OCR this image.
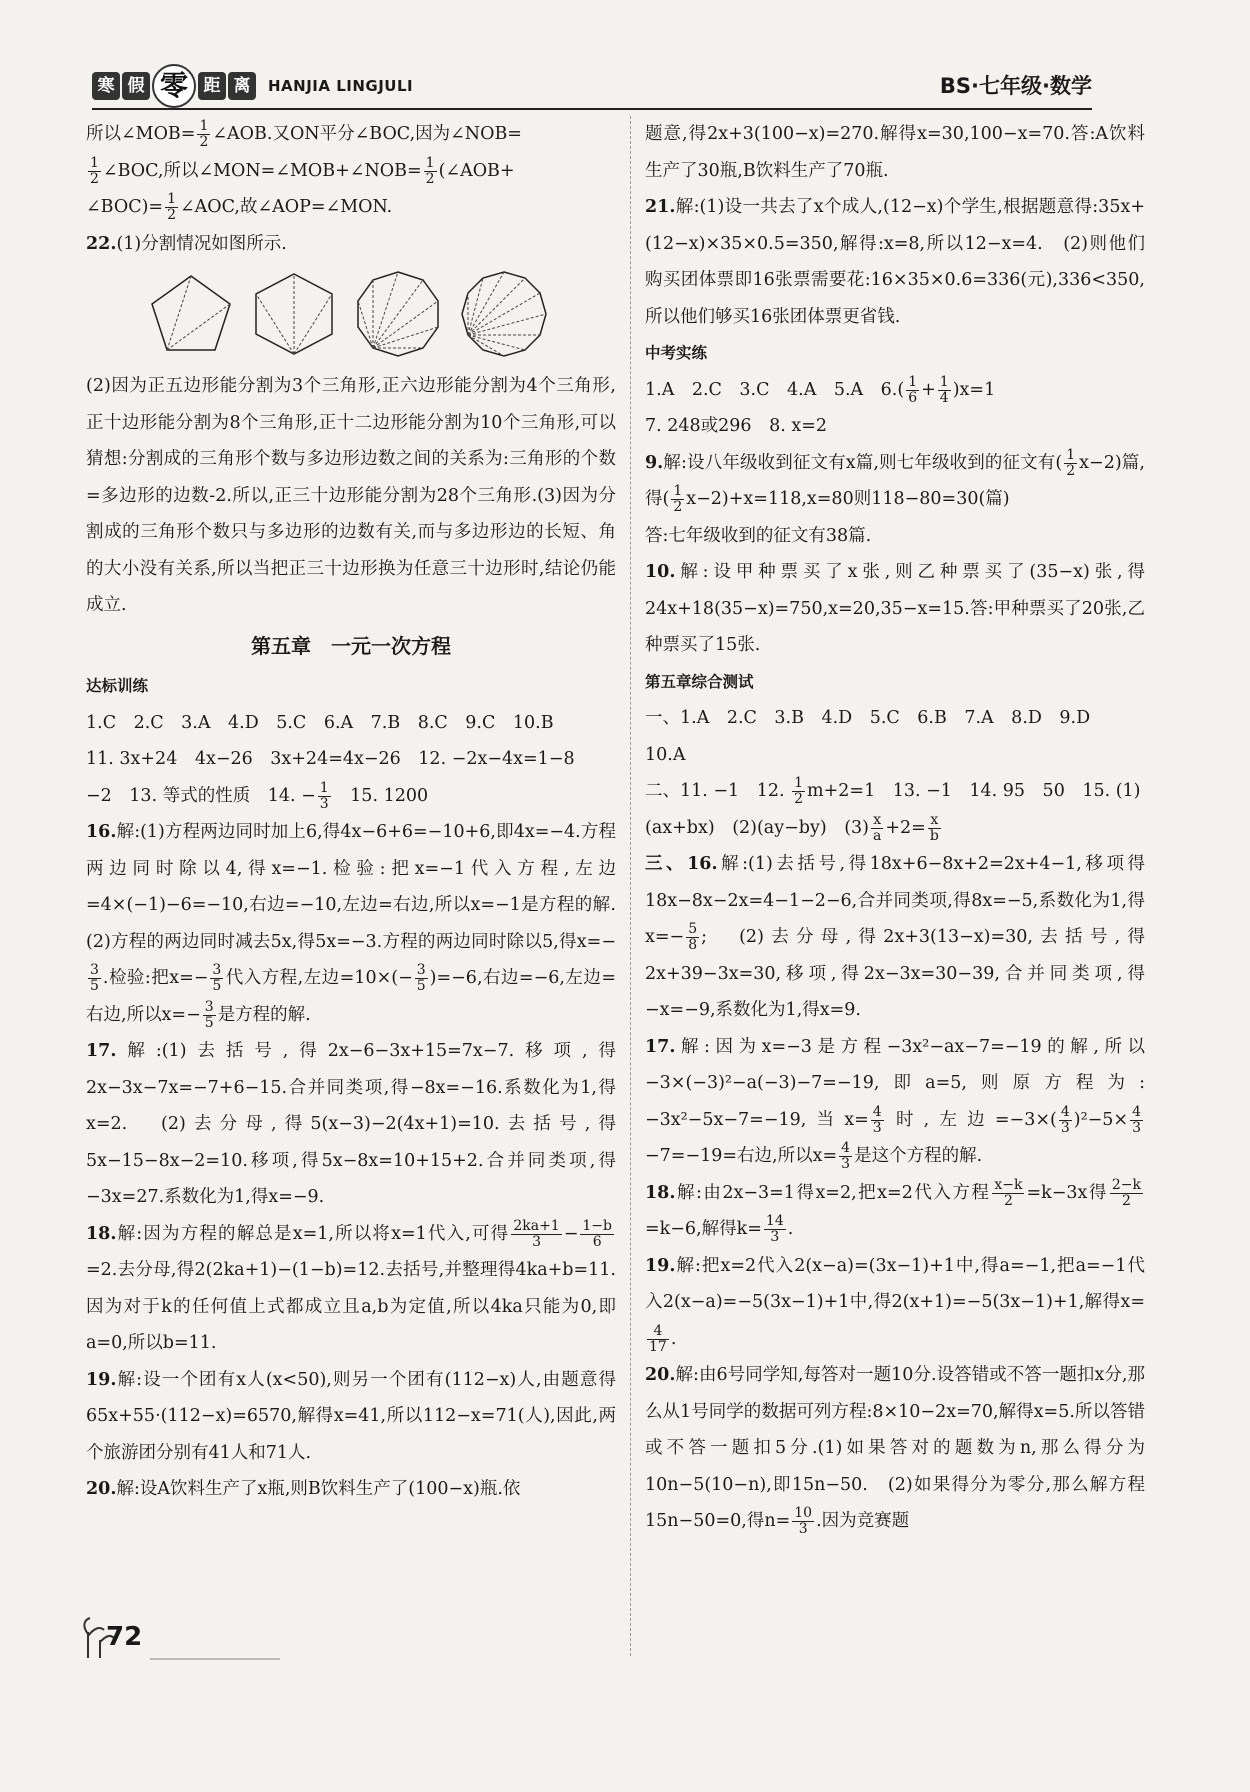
寒 假 零 距 离	HANJIA LINGJULI	BS·七年级·数学

所以∠MOB= $\frac{1}{2}$ ∠AOB.又ON平分∠BOC,因为∠NOB=

$\frac{1}{2}$ ∠BOC,所以∠MON=∠MOB+∠NOB= $\frac{1}{2}$ (∠AOB+

∠BOC)= $\frac{1}{2}$ ∠AOC,故∠AOP=∠MON.

22.(1)分割情况如图所示.

(2)因为正五边形能分割为3个三角形,正六边形能分割为4个三角形,正十边形能分割为8个三角形,正十二边形能分割为10个三角形,可以猜想:分割成的三角形个数与多边形边数之间的关系为:三角形的个数=多边形的边数-2.所以,正三十边形能分割为28个三角形.(3)因为分割成的三角形个数只与多边形的边数有关,而与多边形边的长短、角的大小没有关系,所以当把正三十边形换为任意三十边形时,结论仍能成立.

第五章　一元一次方程
达标训练

1.C　2.C　3.A　4.D　5.C　6.A　7.B　8.C　9.C　10.B

11. 3x+24　4x−26　3x+24=4x−26　12. −2x−4x=1−8

−2　13. 等式的性质　14. − $\frac{1}{3}$ 　15. 1200

16.解:(1)方程两边同时加上6,得4x−6+6=−10+6,即4x=−4.方程两边同时除以4,得x=−1.检验:把x=−1代入方程,左边=4×(−1)−6=−10,右边=−10,左边=右边,所以x=−1是方程的解.　(2)方程的两边同时减去5x,得5x=−3.方程的两边同时除以5,得x=−
$\frac{3}{5}$ .检验:把$x=- \frac{3}{5}$ 代入方程,左边$=10\times(- \frac{3}{5} )=-6$,右边=−6,左边=右边,所以$x=- \frac{3}{5}$ 是方程的解.

17.解:(1)去括号,得2x−6−3x+15=7x−7.移项,得2x−3x−7x=−7+6−15.合并同类项,得−8x=−16.系数化为1,得x=2.　(2)去分母,得5(x−3)−2(4x+1)=10.去括号,得5x−15−8x−2=10.移项,得5x−8x=10+15+2.合并同类项,得−3x=27.系数化为1,得x=−9.

18.解:因为方程的解总是x=1,所以将x=1代入,可得 $\frac{2ka+1}{3} - \frac{1-b}{6}$
=2.去分母,得2(2ka+1)−(1−b)=12.去括号,并整理得4ka+b=11.因为对于k的任何值上式都成立且a,b为定值,所以4ka只能为0,即a=0,所以b=11.

19.解:设一个团有x人(x<50),则另一个团有(112−x)人,由题意得65x+55·(112−x)=6570,解得x=41,所以112−x=71(人),因此,两个旅游团分别有41人和71人.

20.解:设A饮料生产了x瓶,则B饮料生产了(100−x)瓶.依

题意,得2x+3(100−x)=270.解得x=30,100−x=70.答:A饮料生产了30瓶,B饮料生产了70瓶.

21.解:(1)设一共去了x个成人,(12−x)个学生,根据题意得:35x+(12−x)×35×0.5=350,解得:x=8,所以12−x=4.　(2)则他们购买团体票即16张票需要花:16×35×0.6=336(元),336<350,所以他们够买16张团体票更省钱.

中考实练

1.A　2.C　3.C　4.A　5.A　$6.( \frac{1}{6} + \frac{1}{4} )x=1$

7. 248或296　8. x=2

9.解:设八年级收到征文有x篇,则七年级收到的征文有( $\frac{1}{2} x-2$)篇,得( $\frac{1}{2} x-2)+x=118,x=80$则118−80=30(篇)

答:七年级收到的征文有38篇.

10.解:设甲种票买了x张,则乙种票买了(35−x)张,得24x+18(35−x)=750,x=20,35−x=15.答:甲种票买了20张,乙种票买了15张.

第五章综合测试

一、1.A　2.C　3.B　4.D　5.C　6.B　7.A　8.D　9.D

10.A

二、11. −1　12. $\frac{1}{2} m+2=1$　13. −1　14. 95　50　15. (1)

(ax+bx)　(2)(ay−by)　$(3) \frac{x}{a} +2= \frac{x}{b}$

三、16.解:(1)去括号,得18x+6−8x+2=2x+4−1,移项得18x−8x−2x=4−1−2−6,合并同类项,得8x=−5,系数化为1,得$x=- \frac{5}{8}$ ;　(2)去分母,得2x+3(13−x)=30,去括号,得2x+39−3x=30,移项,得2x−3x=30−39,合并同类项,得−x=−9,系数化为1,得x=9.

17.解:因为x=−3是方程−3x²−ax−7=−19的解,所以−3×(−3)²−a(−3)−7=−19,即a=5,则原方程为:−3x²−5x−7=−19,当$x= \frac{4}{3}$ 时,左边$=-3\times( \frac{4}{3} )^2-5\times \frac{4}{3}$
−7=−19=右边,所以$x= \frac{4}{3}$ 是这个方程的解.

18.解:由2x−3=1得x=2,把x=2代入方程 $\frac{x-k}{2} =k-3x$得 $\frac{2-k}{2}$
=k−6,解得$k= \frac{14}{3}$ .

19.解:把x=2代入2(x−a)=(3x−1)+1中,得a=−1,把a=−1代入2(x−a)=−5(3x−1)+1中,得2(x+1)=−5(3x−1)+1,解得x=
$\frac{4}{17}$ .

20.解:由6号同学知,每答对一题10分.设答错或不答一题扣x分,那么从1号同学的数据可列方程:8×10−2x=70,解得x=5.所以答错或不答一题扣5分.(1)如果答对的题数为n,那么得分为10n−5(10−n),即15n−50.　(2)如果得分为零分,那么解方程15n−50=0,得$n= \frac{10}{3}$ .因为竞赛题

72
